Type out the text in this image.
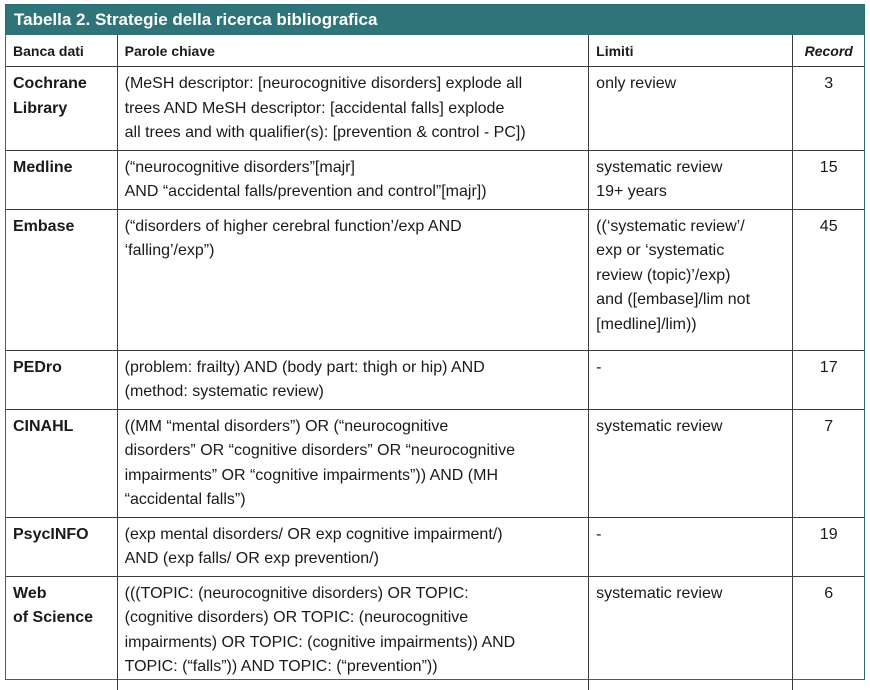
Tabella 2. Strategie della ricerca bibliografica
Banca dati	Parole chiave	Limiti	Record

Cochrane
Library	(MeSH descriptor: [neurocognitive disorders] explode all
trees AND MeSH descriptor: [accidental falls] explode
all trees and with qualifier(s): [prevention & control - PC])	only review	3

Medline	(“neurocognitive disorders”[majr]
AND “accidental falls/prevention and control”[majr])	systematic review
19+ years	15

Embase	(“disorders of higher cerebral function’/exp AND
‘falling’/exp”)	((‘systematic review’/
exp or ‘systematic
review (topic)’/exp)
and ([embase]/lim not
[medline]/lim))	45

PEDro	(problem: frailty) AND (body part: thigh or hip) AND
(method: systematic review)	-	17

CINAHL	((MM “mental disorders”) OR (“neurocognitive
disorders” OR “cognitive disorders” OR “neurocognitive
impairments” OR “cognitive impairments”)) AND (MH
“accidental falls”)	systematic review	7

PsycINFO	(exp mental disorders/ OR exp cognitive impairment/)
AND (exp falls/ OR exp prevention/)	-	19

Web
of Science	(((TOPIC: (neurocognitive disorders) OR TOPIC:
(cognitive disorders) OR TOPIC: (neurocognitive
impairments) OR TOPIC: (cognitive impairments)) AND
TOPIC: (“falls”)) AND TOPIC: (“prevention”))	systematic review	6
